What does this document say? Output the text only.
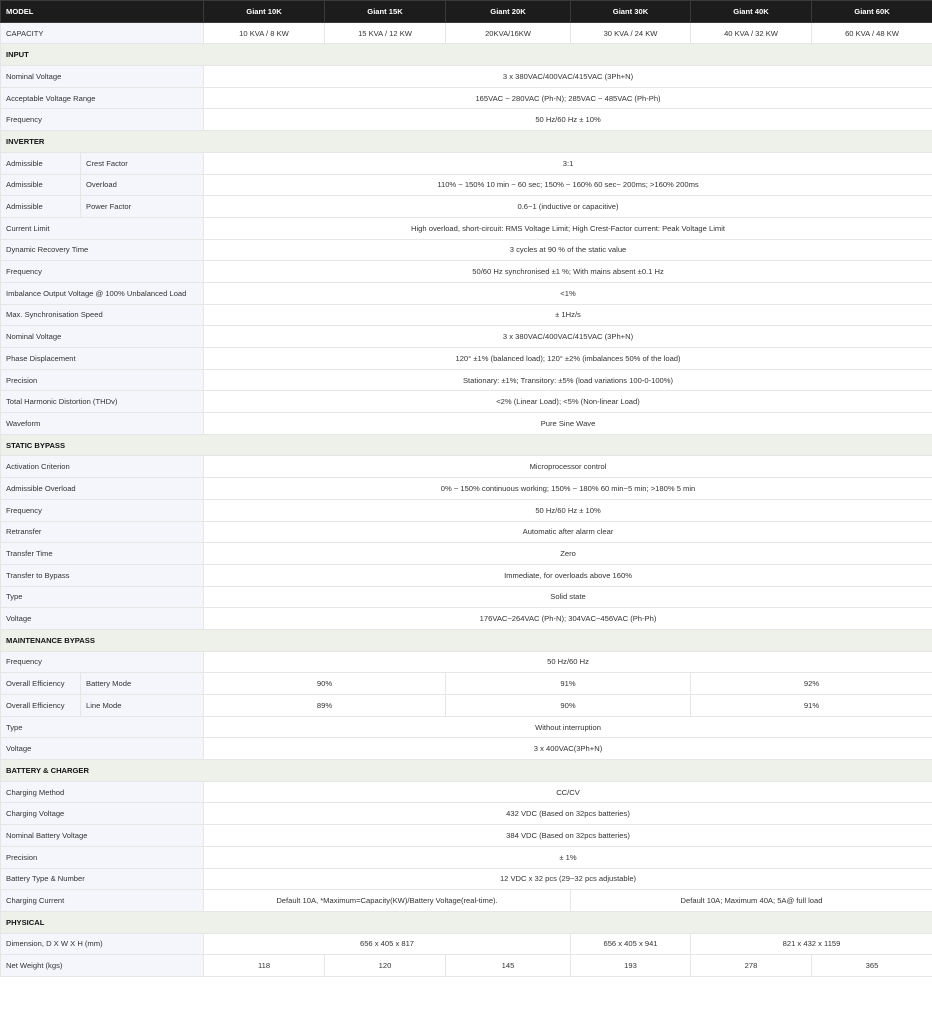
MODEL		Giant 10K	Giant 15K	Giant 20K	Giant 30K	Giant 40K	Giant 60K
CAPACITY		10 KVA / 8 KW	15 KVA / 12 KW	20KVA/16KW	30 KVA / 24 KW	40 KVA / 32 KW	60 KVA / 48 KW
INPUT							
Nominal Voltage		3 x 380VAC/400VAC/415VAC (3Ph+N)					
Acceptable Voltage Range		165VAC ~ 280VAC (Ph-N); 285VAC ~ 485VAC (Ph-Ph)					
Frequency		50 Hz/60 Hz ± 10%					
INVERTER							
Admissible	Crest Factor	3:1					
Admissible	Overload	110% ~ 150% 10 min ~ 60 sec; 150% ~ 160% 60 sec~ 200ms; >160% 200ms					
Admissible	Power Factor	0.6~1 (inductive or capacitive)					
Current Limit		High overload, short-circuit: RMS Voltage Limit; High Crest-Factor current: Peak Voltage Limit					
Dynamic Recovery Time		3 cycles at 90 % of the static value					
Frequency		50/60 Hz synchronised ±1 %; With mains absent ±0.1 Hz					
Imbalance Output Voltage @ 100% Unbalanced Load		<1%					
Max. Synchronisation Speed		± 1Hz/s					
Nominal Voltage		3 x 380VAC/400VAC/415VAC (3Ph+N)					
Phase Displacement		120° ±1% (balanced load); 120° ±2% (imbalances 50% of the load)					
Precision		Stationary: ±1%; Transitory: ±5% (load variations 100-0-100%)					
Total Harmonic Distortion (THDv)		<2% (Linear Load); <5% (Non-linear Load)					
Waveform		Pure Sine Wave					
STATIC BYPASS							
Activation Criterion		Microprocessor control					
Admissible Overload		0% ~ 150% continuous working; 150% ~ 180% 60 min~5 min; >180% 5 min					
Frequency		50 Hz/60 Hz ± 10%					
Retransfer		Automatic after alarm clear					
Transfer Time		Zero					
Transfer to Bypass		Immediate, for overloads above 160%					
Type		Solid state					
Voltage		176VAC~264VAC (Ph-N); 304VAC~456VAC (Ph-Ph)					
MAINTENANCE BYPASS							
Frequency		50 Hz/60 Hz					
Overall Efficiency	Battery Mode	90%		91%		92%	
Overall Efficiency	Line Mode	89%		90%		91%	
Type		Without interruption					
Voltage		3 x 400VAC(3Ph+N)					
BATTERY & CHARGER							
Charging Method		CC/CV					
Charging Voltage		432 VDC (Based on 32pcs batteries)					
Nominal Battery Voltage		384 VDC (Based on 32pcs batteries)					
Precision		± 1%					
Battery Type & Number		12 VDC x 32 pcs (29~32 pcs adjustable)					
Charging Current		Default 10A, *Maximum=Capacity(KW)/Battery Voltage(real-time).			Default 10A; Maximum 40A; 5A@ full load		
PHYSICAL							
Dimension, D X W X H (mm)		656 x 405 x 817			656 x 405 x 941	821 x 432 x 1159	
Net Weight (kgs)		118	120	145	193	278	365
